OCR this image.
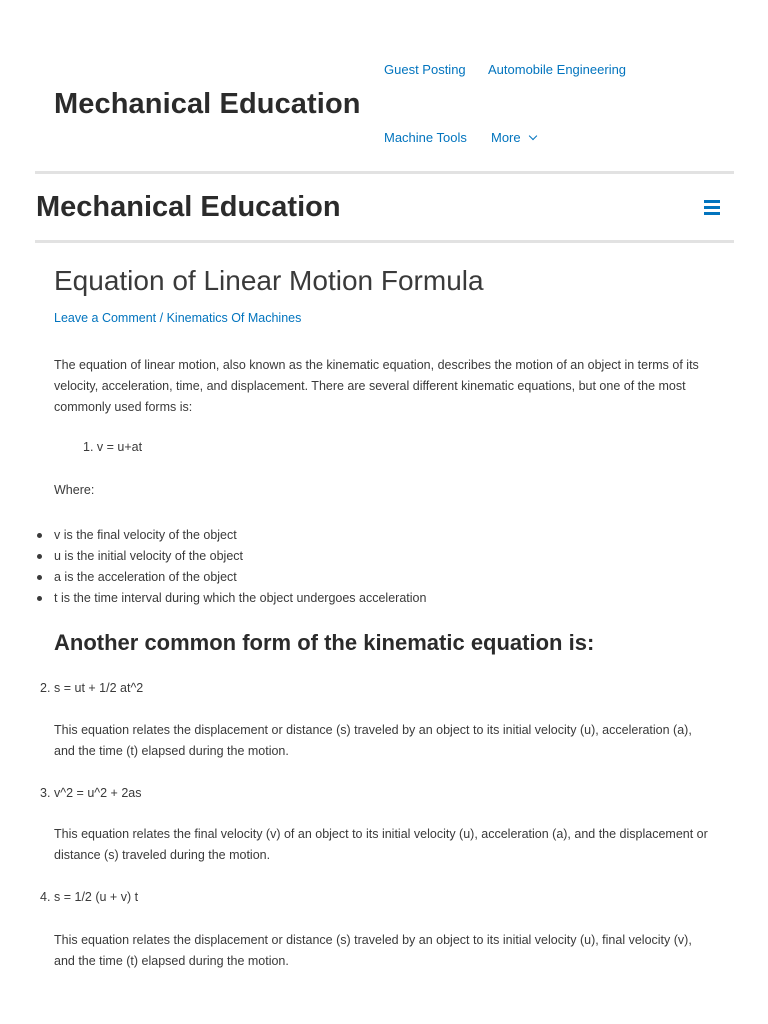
Mechanical Education
Guest Posting Automobile Engineering
Machine Tools More
Mechanical Education
Equation of Linear Motion Formula
Leave a Comment / Kinematics Of Machines

The equation of linear motion, also known as the kinematic equation, describes the motion of an object in terms of its velocity, acceleration, time, and displacement. There are several different kinematic equations, but one of the most commonly used forms is:

1. v = u+at
Where:
v is the final velocity of the object
u is the initial velocity of the object
a is the acceleration of the object
t is the time interval during which the object undergoes acceleration
Another common form of the kinematic equation is:
2. s = ut + 1/2 at^2

This equation relates the displacement or distance (s) traveled by an object to its initial velocity (u), acceleration (a), and the time (t) elapsed during the motion.

3. v^2 = u^2 + 2as

This equation relates the final velocity (v) of an object to its initial velocity (u), acceleration (a), and the displacement or distance (s) traveled during the motion.

4. s = 1/2 (u + v) t

This equation relates the displacement or distance (s) traveled by an object to its initial velocity (u), final velocity (v), and the time (t) elapsed during the motion.
